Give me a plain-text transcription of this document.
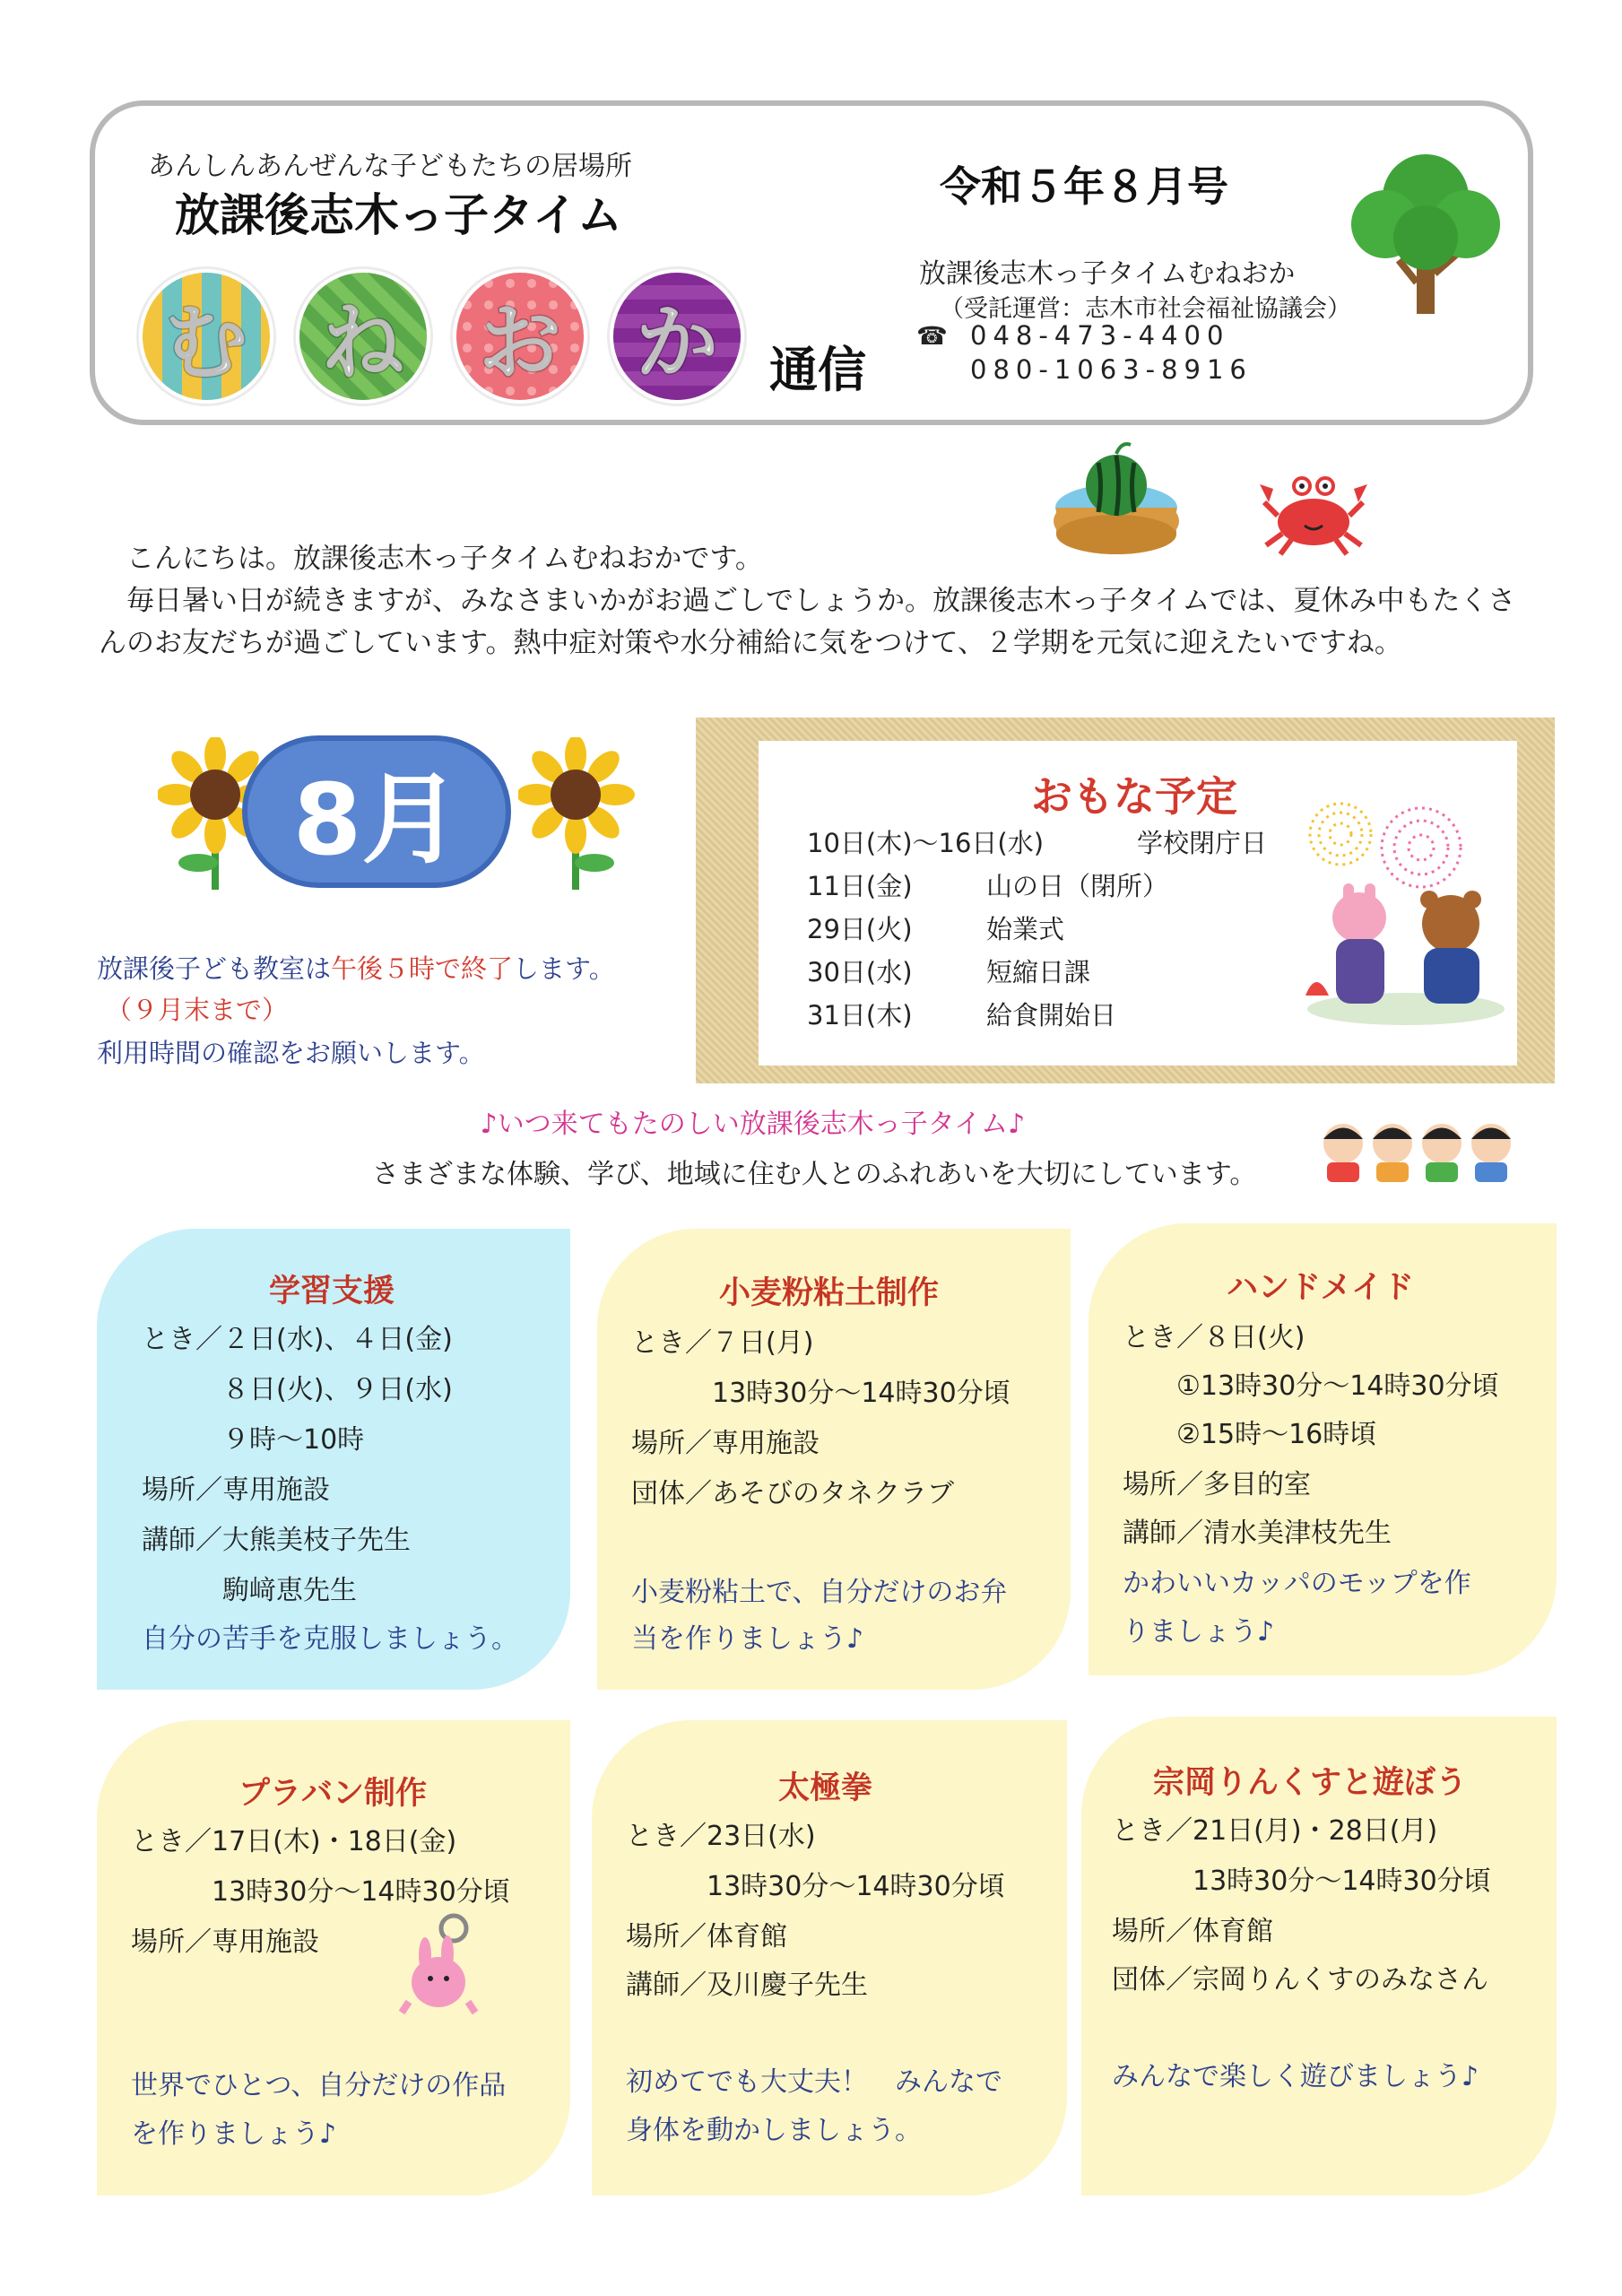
あんしんあんぜんな子どもたちの居場所
放課後志木っ子タイム
む ね お か	通信
令和５年８月号
放課後志木っ子タイムむねおか
（受託運営：志木市社会福祉協議会）
☎ 048-473-4400
080-1063-8916

　こんにちは。放課後志木っ子タイムむねおかです。

　毎日暑い日が続きますが、みなさまいかがお過ごしでしょうか。放課後志木っ子タイムでは、夏休み中もたくさんのお友だちが過ごしています。熱中症対策や水分補給に気をつけて、２学期を元気に迎えたいですね。

8月
放課後子ども教室は午後５時で終了します。
（９月末まで）
利用時間の確認をお願いします。
おもな予定
10日(木)～16日(水)	学校閉庁日
11日(金)	山の日（閉所）
29日(火)	始業式
30日(水)	短縮日課
31日(木)	給食開始日
♪いつ来てもたのしい放課後志木っ子タイム♪
さまざまな体験、学び、地域に住む人とのふれあいを大切にしています。
学習支援
とき／２日(水)、４日(金)
　　　８日(火)、９日(水)
　　　９時～10時
場所／専用施設
講師／大熊美枝子先生
　　　駒﨑恵先生
自分の苦手を克服しましょう。
小麦粉粘土制作
とき／７日(月)
　　　13時30分～14時30分頃
場所／専用施設
団体／あそびのタネクラブ
小麦粉粘土で、自分だけのお弁
当を作りましょう♪
ハンドメイド
とき／８日(火)
　　①13時30分～14時30分頃
　　②15時～16時頃
場所／多目的室
講師／清水美津枝先生
かわいいカッパのモップを作
りましょう♪
プラバン制作
とき／17日(木)・18日(金)
　　　13時30分～14時30分頃
場所／専用施設
世界でひとつ、自分だけの作品
を作りましょう♪
太極拳
とき／23日(水)
　　　13時30分～14時30分頃
場所／体育館
講師／及川慶子先生
初めてでも大丈夫！　みんなで
身体を動かしましょう。
宗岡りんくすと遊ぼう
とき／21日(月)・28日(月)
　　　13時30分～14時30分頃
場所／体育館
団体／宗岡りんくすのみなさん
みんなで楽しく遊びましょう♪
